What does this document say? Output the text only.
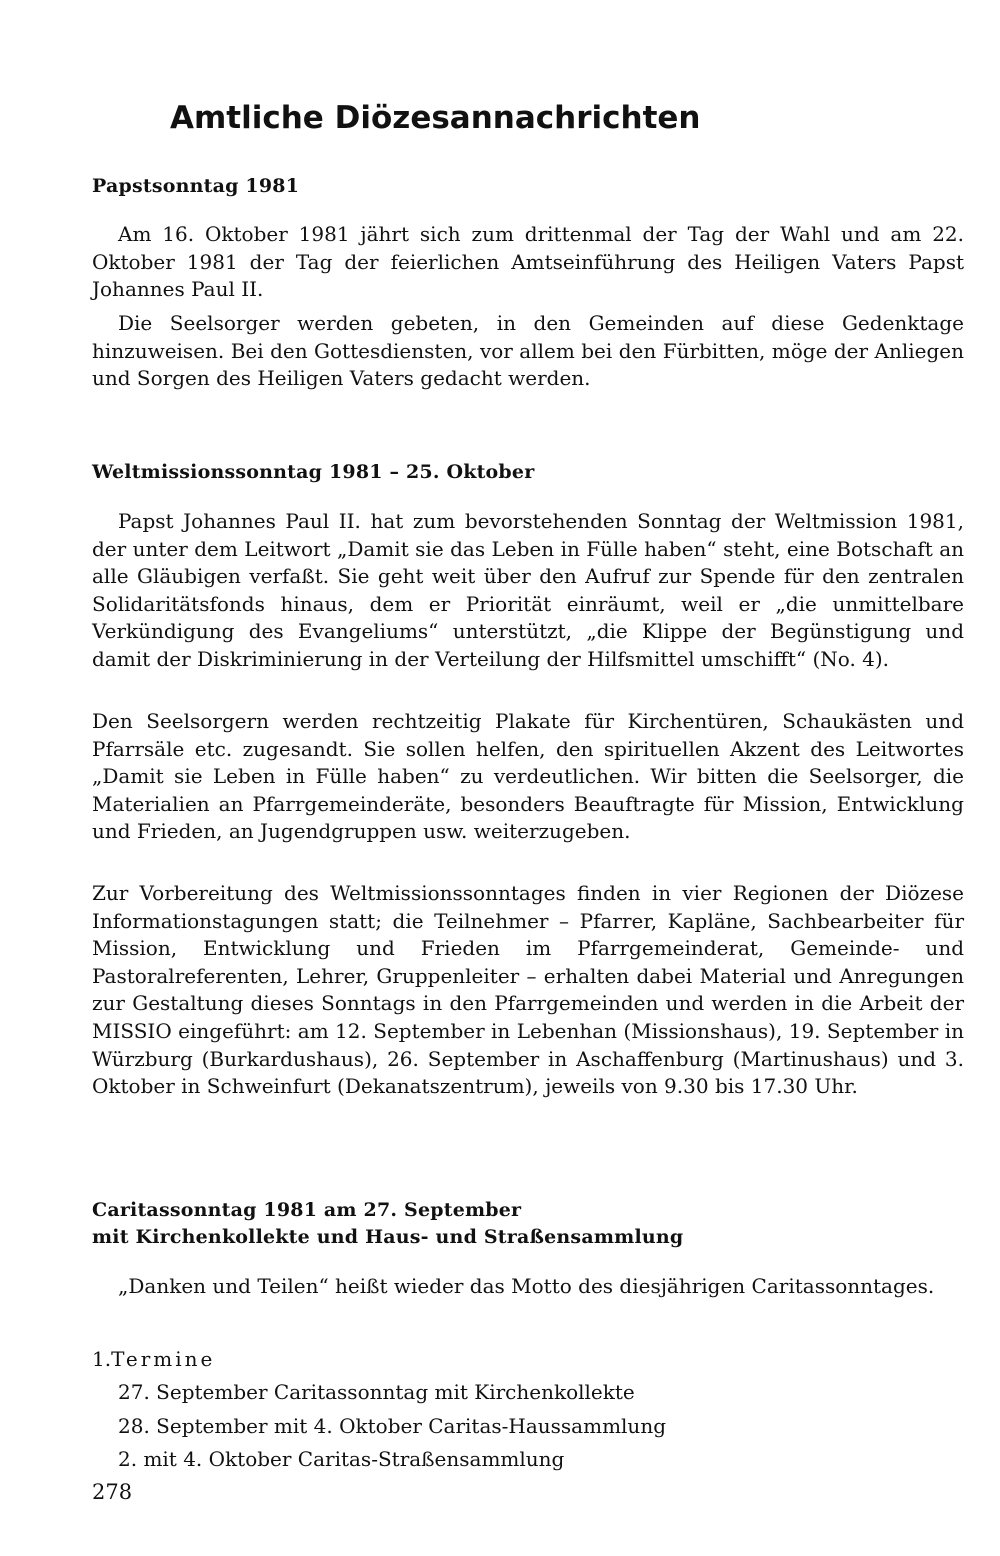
Amtliche Diözesannachrichten
Papstsonntag 1981
Am 16. Oktober 1981 jährt sich zum drittenmal der Tag der Wahl und am 22. Oktober 1981 der Tag der feierlichen Amtseinführung des Heiligen Vaters Papst Johannes Paul II.
Die Seelsorger werden gebeten, in den Gemeinden auf diese Gedenktage hinzuweisen. Bei den Gottesdiensten, vor allem bei den Fürbitten, möge der Anliegen und Sorgen des Heiligen Vaters gedacht werden.
Weltmissionssonntag 1981 – 25. Oktober
Papst Johannes Paul II. hat zum bevorstehenden Sonntag der Weltmission 1981, der unter dem Leitwort „Damit sie das Leben in Fülle haben“ steht, eine Botschaft an alle Gläubigen verfaßt. Sie geht weit über den Aufruf zur Spende für den zentralen Solidaritätsfonds hinaus, dem er Priorität einräumt, weil er „die unmittelbare Verkündigung des Evangeliums“ unterstützt, „die Klippe der Begünstigung und damit der Diskriminierung in der Verteilung der Hilfsmittel umschifft“ (No. 4).
Den Seelsorgern werden rechtzeitig Plakate für Kirchentüren, Schaukästen und Pfarrsäle etc. zugesandt. Sie sollen helfen, den spirituellen Akzent des Leitwortes „Damit sie Leben in Fülle haben“ zu verdeutlichen. Wir bitten die Seelsorger, die Materialien an Pfarrgemeinderäte, besonders Beauftragte für Mission, Entwicklung und Frieden, an Jugendgruppen usw. weiterzugeben.
Zur Vorbereitung des Weltmissionssonntages finden in vier Regionen der Diözese Informationstagungen statt; die Teilnehmer – Pfarrer, Kapläne, Sachbearbeiter für Mission, Entwicklung und Frieden im Pfarrgemeinderat, Gemeinde- und Pastoralreferenten, Lehrer, Gruppenleiter – erhalten dabei Material und Anregungen zur Gestaltung dieses Sonntags in den Pfarrgemeinden und werden in die Arbeit der MISSIO eingeführt: am 12. September in Lebenhan (Missionshaus), 19. September in Würzburg (Burkardushaus), 26. September in Aschaffenburg (Martinushaus) und 3. Oktober in Schweinfurt (Dekanatszentrum), jeweils von 9.30 bis 17.30 Uhr.
Caritassonntag 1981 am 27. September
mit Kirchenkollekte und Haus- und Straßensammlung
„Danken und Teilen“ heißt wieder das Motto des diesjährigen Caritassonntages.
1.Termine
27. September Caritassonntag mit Kirchenkollekte
28. September mit 4. Oktober Caritas-Haussammlung
2. mit 4. Oktober Caritas-Straßensammlung
278
